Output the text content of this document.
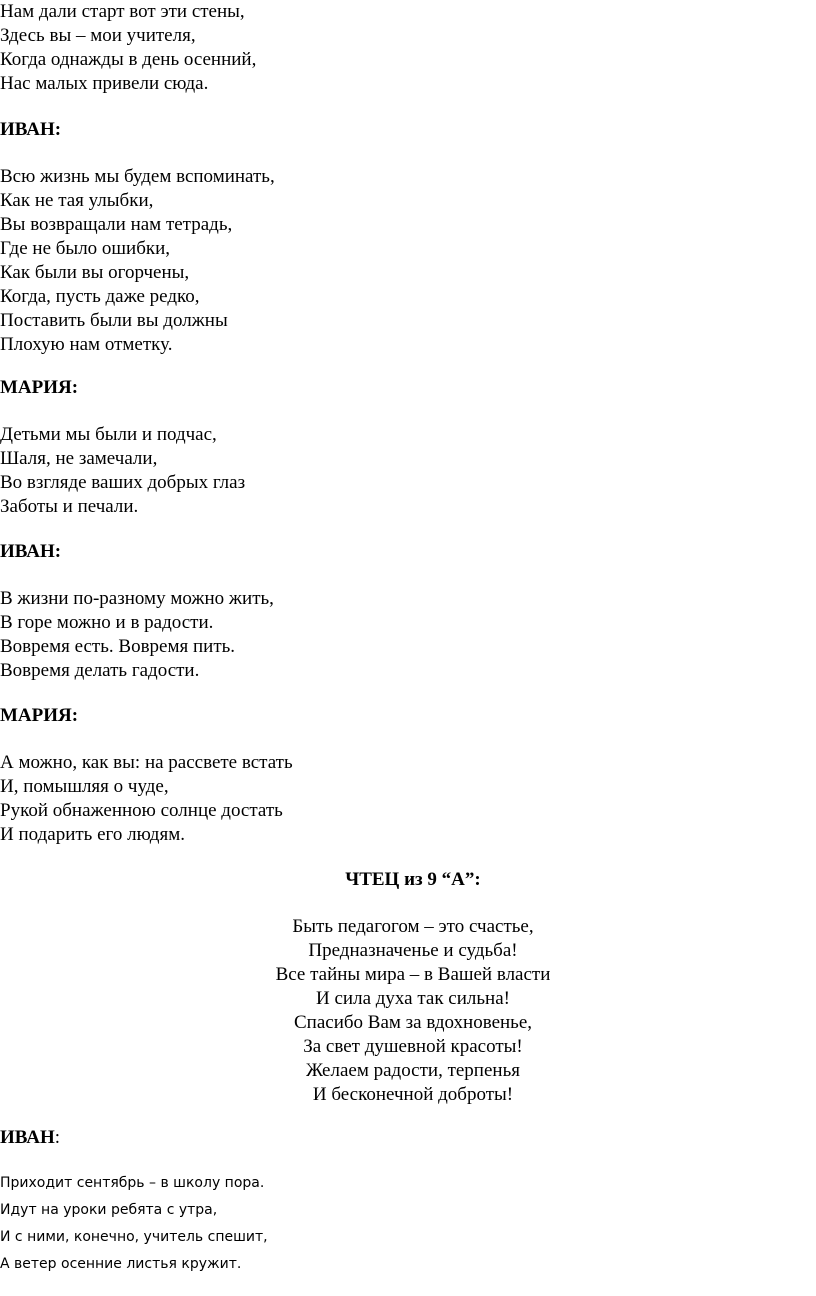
Нам дали старт вот эти стены,
Здесь вы – мои учителя,
Когда однажды в день осенний,
Нас малых привели сюда.
ИВАН:
Всю жизнь мы будем вспоминать,
Как не тая улыбки,
Вы возвращали нам тетрадь,
Где не было ошибки,
Как были вы огорчены,
Когда, пусть даже редко,
Поставить были вы должны
Плохую нам отметку.
МАРИЯ:
Детьми мы были и подчас,
Шаля, не замечали,
Во взгляде ваших добрых глаз
Заботы и печали.
ИВАН:
В жизни по-разному можно жить,
В горе можно и в радости.
Вовремя есть. Вовремя пить.
Вовремя делать гадости.
МАРИЯ:
А можно, как вы: на рассвете встать
И, помышляя о чуде,
Рукой обнаженною солнце достать
И подарить его людям.
ЧТЕЦ из 9 “А”:
Быть педагогом – это счастье,
Предназначенье и судьба!
Все тайны мира – в Вашей власти
И сила духа так сильна!
Спасибо Вам за вдохновенье,
За свет душевной красоты!
Желаем радости, терпенья
И бесконечной доброты!
ИВАН:
Приходит сентябрь – в школу пора.
Идут на уроки ребята с утра,
И с ними, конечно, учитель спешит,
А ветер осенние листья кружит.
